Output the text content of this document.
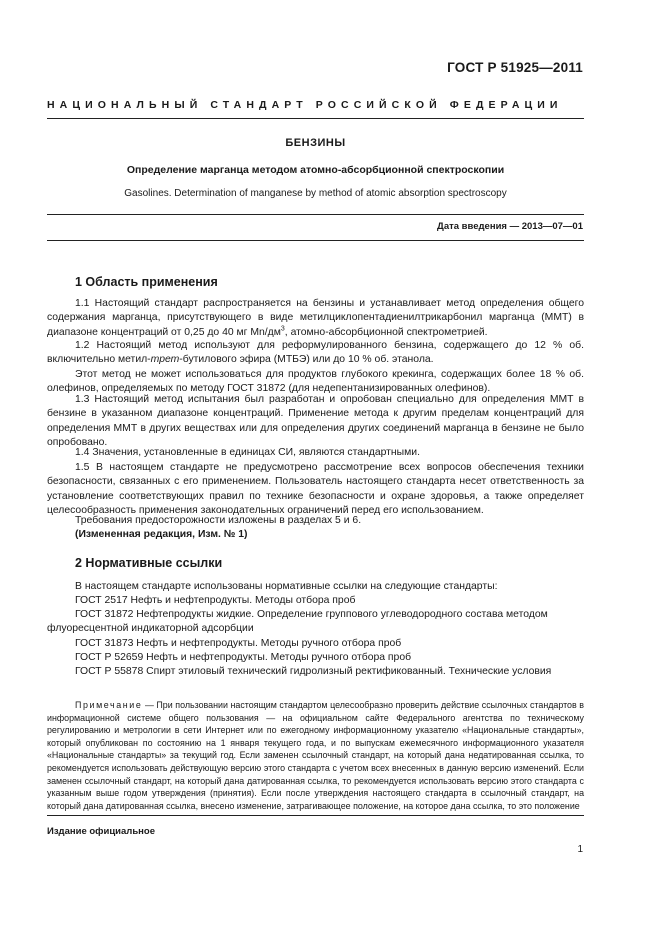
ГОСТ Р 51925—2011
НАЦИОНАЛЬНЫЙ СТАНДАРТ РОССИЙСКОЙ ФЕДЕРАЦИИ
БЕНЗИНЫ
Определение марганца методом атомно-абсорбционной спектроскопии
Gasolines. Determination of manganese by method of atomic absorption spectroscopy
Дата введения — 2013—07—01
1 Область применения
1.1 Настоящий стандарт распространяется на бензины и устанавливает метод определения общего содержания марганца, присутствующего в виде метилциклопентадиенилтрикарбонил марганца (ММТ) в диапазоне концентраций от 0,25 до 40 мг $Mn/дм^3$, атомно-абсорбционной спектрометрией.
1.2 Настоящий метод используют для реформулированного бензина, содержащего до 12 % об. включительно метил-трет-бутилового эфира (МТБЭ) или до 10 % об. этанола.
Этот метод не может использоваться для продуктов глубокого крекинга, содержащих более 18 % об. олефинов, определяемых по методу ГОСТ 31872 (для недепентанизированных олефинов).
1.3 Настоящий метод испытания был разработан и опробован специально для определения ММТ в бензине в указанном диапазоне концентраций. Применение метода к другим пределам концентраций для определения ММТ в других веществах или для определения других соединений марганца в бензине не было опробовано.
1.4 Значения, установленные в единицах СИ, являются стандартными.
1.5 В настоящем стандарте не предусмотрено рассмотрение всех вопросов обеспечения техники безопасности, связанных с его применением. Пользователь настоящего стандарта несет ответственность за установление соответствующих правил по технике безопасности и охране здоровья, а также определяет целесообразность применения законодательных ограничений перед его использованием.
Требования предосторожности изложены в разделах 5 и 6.
(Измененная редакция, Изм. № 1)
2 Нормативные ссылки
В настоящем стандарте использованы нормативные ссылки на следующие стандарты:
ГОСТ 2517 Нефть и нефтепродукты. Методы отбора проб
ГОСТ 31872 Нефтепродукты жидкие. Определение группового углеводородного состава методом
флуоресцентной индикаторной адсорбции
ГОСТ 31873 Нефть и нефтепродукты. Методы ручного отбора проб
ГОСТ Р 52659 Нефть и нефтепродукты. Методы ручного отбора проб
ГОСТ Р 55878 Спирт этиловый технический гидролизный ректификованный. Технические условия
Примечание — При пользовании настоящим стандартом целесообразно проверить действие ссылочных стандартов в информационной системе общего пользования — на официальном сайте Федерального агентства по техническому регулированию и метрологии в сети Интернет или по ежегодному информационному указателю «Национальные стандарты», который опубликован по состоянию на 1 января текущего года, и по выпускам ежемесячного информационного указателя «Национальные стандарты» за текущий год. Если заменен ссылочный стандарт, на который дана недатированная ссылка, то рекомендуется использовать действующую версию этого стандарта с учетом всех внесенных в данную версию изменений. Если заменен ссылочный стандарт, на который дана датированная ссылка, то рекомендуется использовать версию этого стандарта с указанным выше годом утверждения (принятия). Если после утверждения настоящего стандарта в ссылочный стандарт, на который дана датированная ссылка, внесено изменение, затрагивающее положение, на которое дана ссылка, то это положение
Издание официальное
1
